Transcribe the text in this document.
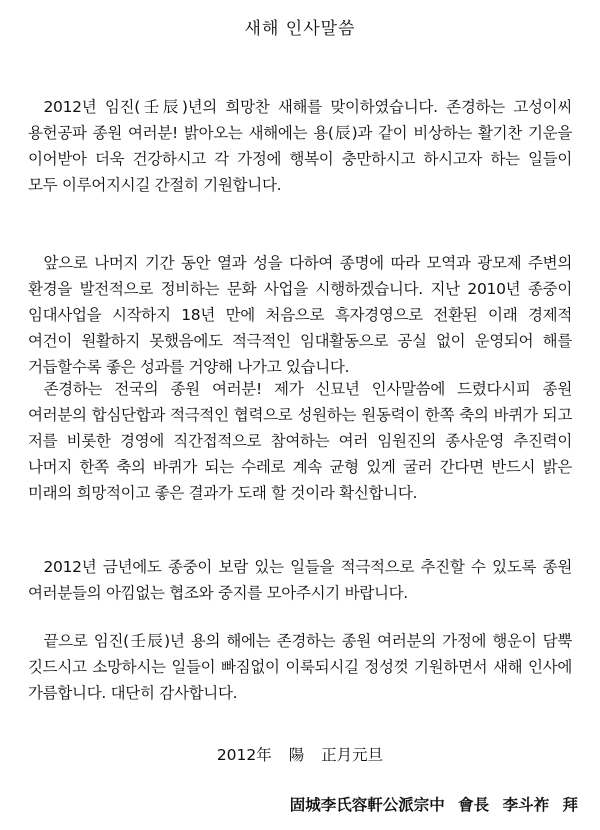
새해 인사말씀

2012년 임진(壬辰)년의 희망찬 새해를 맞이하였습니다. 존경하는 고성이씨 용헌공파 종원 여러분! 밝아오는 새해에는 용(辰)과 같이 비상하는 활기찬 기운을 이어받아 더욱 건강하시고 각 가정에 행복이 충만하시고 하시고자 하는 일들이 모두 이루어지시길 간절히 기원합니다.

앞으로 나머지 기간 동안 열과 성을 다하여 종명에 따라 모역과 광모제 주변의 환경을 발전적으로 정비하는 문화 사업을 시행하겠습니다. 지난 2010년 종중이 임대사업을 시작하지 18년 만에 처음으로 흑자경영으로 전환된 이래 경제적 여건이 원활하지 못했음에도 적극적인 임대활동으로 공실 없이 운영되어 해를 거듭할수록 좋은 성과를 거양해 나가고 있습니다.

존경하는 전국의 종원 여러분! 제가 신묘년 인사말씀에 드렸다시피 종원 여러분의 합심단합과 적극적인 협력으로 성원하는 원동력이 한쪽 축의 바퀴가 되고 저를 비롯한 경영에 직간접적으로 참여하는 여러 임원진의 종사운영 추진력이 나머지 한쪽 축의 바퀴가 되는 수레로 계속 균형 있게 굴러 간다면 반드시 밝은 미래의 희망적이고 좋은 결과가 도래 할 것이라 확신합니다.

2012년 금년에도 종중이 보람 있는 일들을 적극적으로 추진할 수 있도록 종원 여러분들의 아낌없는 협조와 중지를 모아주시기 바랍니다.

끝으로 임진(壬辰)년 용의 해에는 존경하는 종원 여러분의 가정에 행운이 담뿍 깃드시고 소망하시는 일들이 빠짐없이 이룩되시길 정성껏 기원하면서 새해 인사에 가름합니다. 대단히 감사합니다.

2012年 陽 正月元旦
固城李氏容軒公派宗中 會長 李斗祚 拜
